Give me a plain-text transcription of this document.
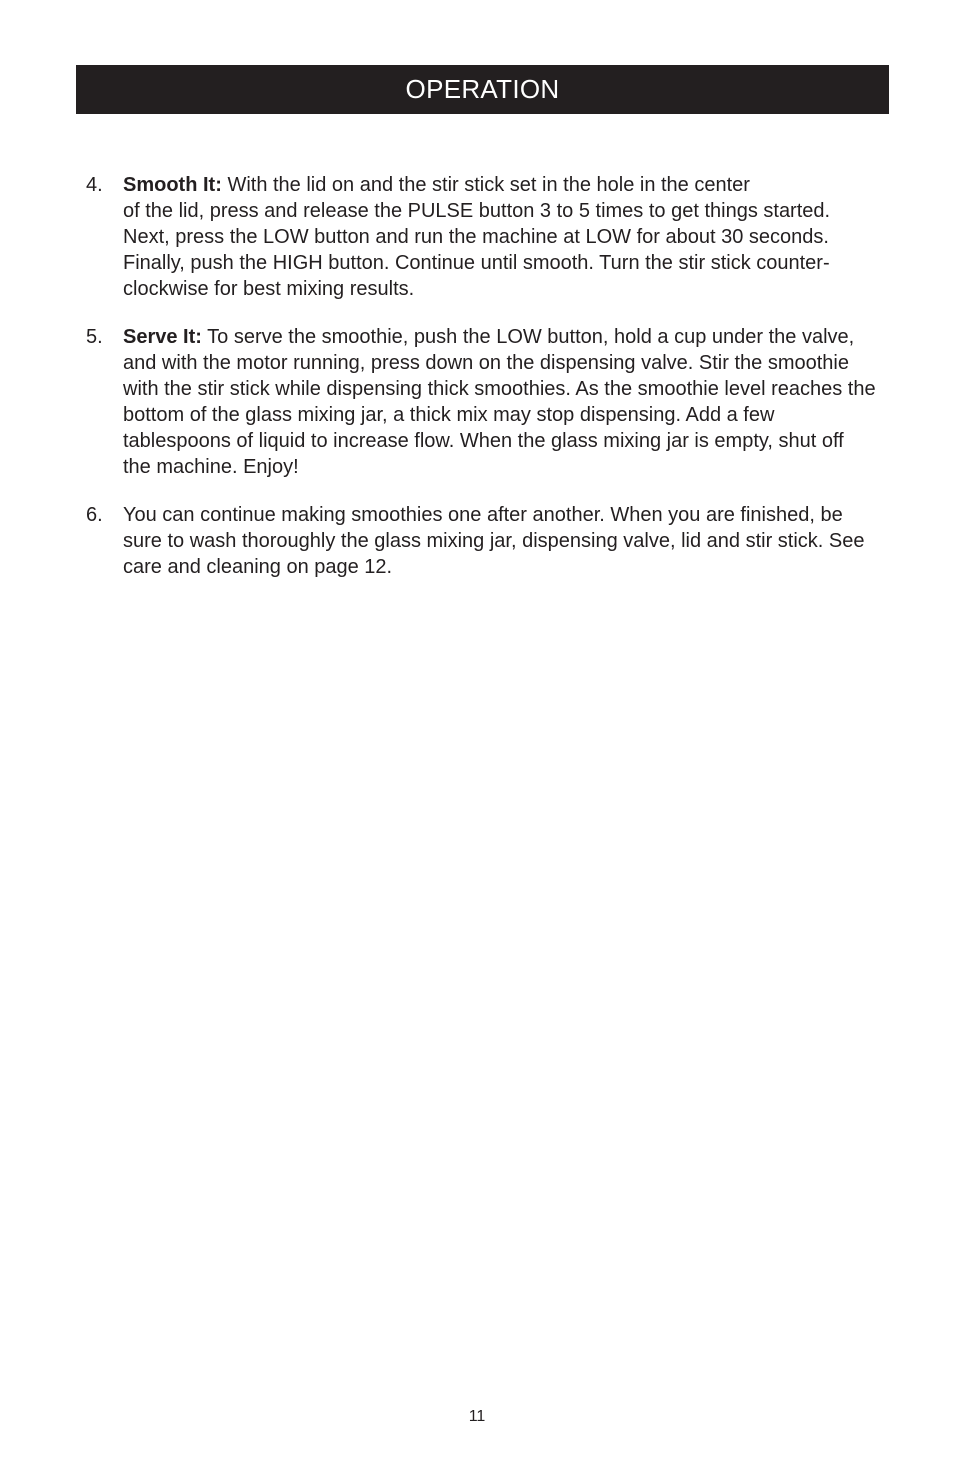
OPERATION
4.	Smooth It: With the lid on and the stir stick set in the hole in the center
of the lid, press and release the PULSE button 3 to 5 times to get things started. Next, press the LOW button and run the machine at LOW for about 30 seconds. Finally, push the HIGH button. Continue until smooth. Turn the stir stick counter-clockwise for best mixing results.
5.	Serve It: To serve the smoothie, push the LOW button, hold a cup under the valve, and with the motor running, press down on the dispensing valve. Stir the smoothie with the stir stick while dispensing thick smoothies. As the smoothie level reaches the bottom of the glass mixing jar, a thick mix may stop dispensing. Add a few tablespoons of liquid to increase flow. When the glass mixing jar is empty, shut off the machine. Enjoy!
6.	You can continue making smoothies one after another. When you are finished, be sure to wash thoroughly the glass mixing jar, dispensing valve, lid and stir stick. See care and cleaning on page 12.
11
